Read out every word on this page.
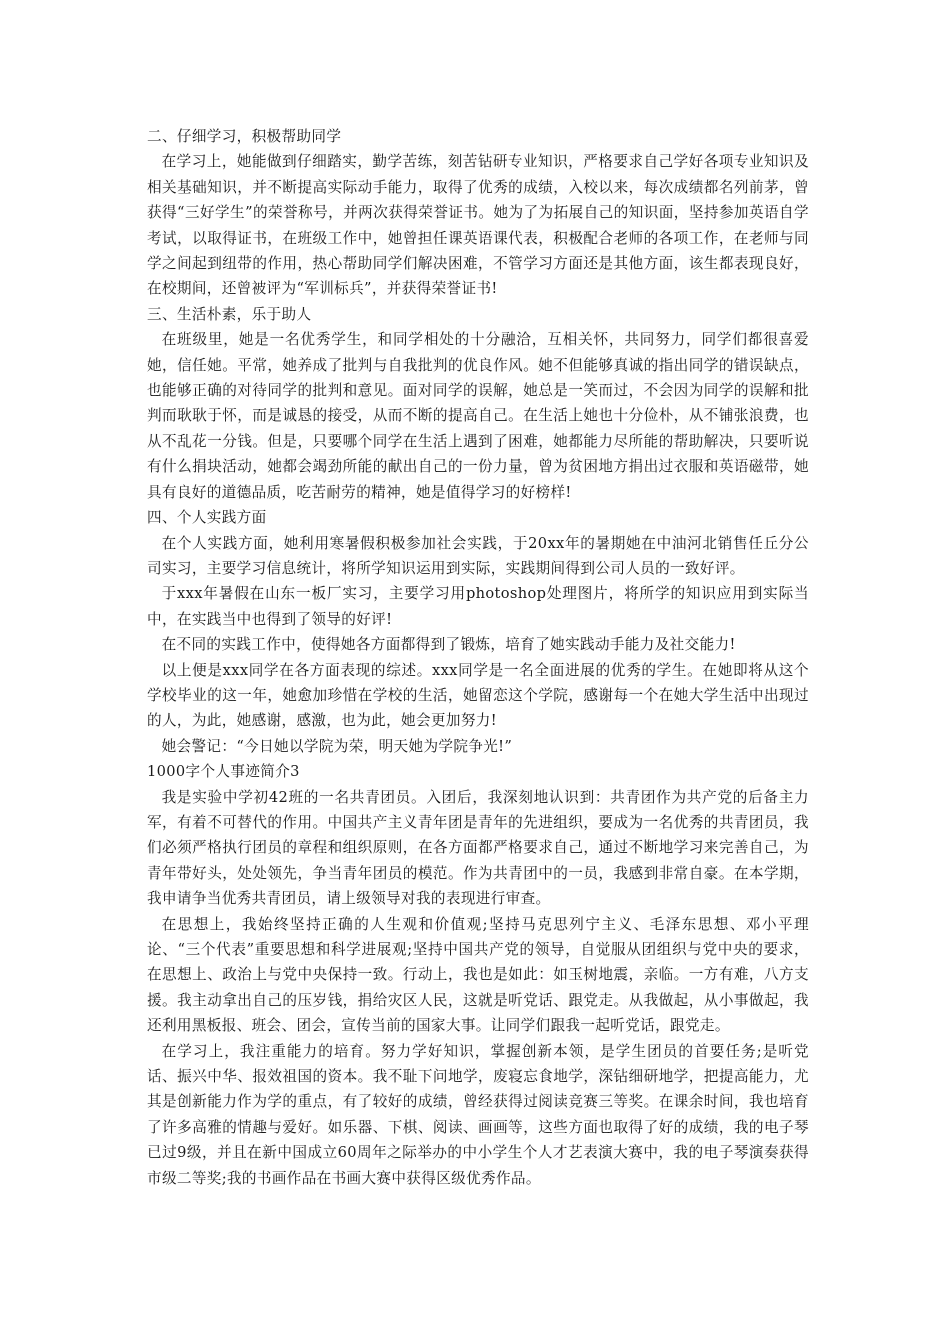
二、仔细学习，积极帮助同学

在学习上，她能做到仔细踏实，勤学苦练，刻苦钻研专业知识，严格要求自己学好各项专业知识及相关基础知识，并不断提高实际动手能力，取得了优秀的成绩，入校以来，每次成绩都名列前茅，曾获得“三好学生”的荣誉称号，并两次获得荣誉证书。她为了为拓展自己的知识面，坚持参加英语自学考试，以取得证书，在班级工作中，她曾担任课英语课代表，积极配合老师的各项工作，在老师与同学之间起到纽带的作用，热心帮助同学们解决困难，不管学习方面还是其他方面，该生都表现良好，在校期间，还曾被评为“军训标兵”，并获得荣誉证书!

三、生活朴素，乐于助人

在班级里，她是一名优秀学生，和同学相处的十分融洽，互相关怀，共同努力，同学们都很喜爱她，信任她。平常，她养成了批判与自我批判的优良作风。她不但能够真诚的指出同学的错误缺点，也能够正确的对待同学的批判和意见。面对同学的误解，她总是一笑而过，不会因为同学的误解和批判而耿耿于怀，而是诚恳的接受，从而不断的提高自己。在生活上她也十分俭朴，从不铺张浪费，也从不乱花一分钱。但是，只要哪个同学在生活上遇到了困难，她都能力尽所能的帮助解决，只要听说有什么捐块活动，她都会竭劲所能的献出自己的一份力量，曾为贫困地方捐出过衣服和英语磁带，她具有良好的道德品质，吃苦耐劳的精神，她是值得学习的好榜样!

四、个人实践方面

在个人实践方面，她利用寒暑假积极参加社会实践，于20xx年的暑期她在中油河北销售任丘分公司实习，主要学习信息统计，将所学知识运用到实际，实践期间得到公司人员的一致好评。

于xxx年暑假在山东一板厂实习，主要学习用photoshop处理图片，将所学的知识应用到实际当中，在实践当中也得到了领导的好评!

在不同的实践工作中，使得她各方面都得到了锻炼，培育了她实践动手能力及社交能力!

以上便是xxx同学在各方面表现的综述。xxx同学是一名全面进展的优秀的学生。在她即将从这个学校毕业的这一年，她愈加珍惜在学校的生活，她留恋这个学院，感谢每一个在她大学生活中出现过的人，为此，她感谢，感激，也为此，她会更加努力!

她会警记：“今日她以学院为荣，明天她为学院争光!”

1000字个人事迹简介3

我是实验中学初42班的一名共青团员。入团后，我深刻地认识到：共青团作为共产党的后备主力军，有着不可替代的作用。中国共产主义青年团是青年的先进组织，要成为一名优秀的共青团员，我们必须严格执行团员的章程和组织原则，在各方面都严格要求自己，通过不断地学习来完善自己，为青年带好头，处处领先，争当青年团员的模范。作为共青团中的一员，我感到非常自豪。在本学期，我申请争当优秀共青团员，请上级领导对我的表现进行审查。

在思想上，我始终坚持正确的人生观和价值观;坚持马克思列宁主义、毛泽东思想、邓小平理论、“三个代表”重要思想和科学进展观;坚持中国共产党的领导，自觉服从团组织与党中央的要求，在思想上、政治上与党中央保持一致。行动上，我也是如此：如玉树地震，亲临。一方有难，八方支援。我主动拿出自己的压岁钱，捐给灾区人民，这就是听党话、跟党走。从我做起，从小事做起，我还利用黑板报、班会、团会，宣传当前的国家大事。让同学们跟我一起听党话，跟党走。

在学习上，我注重能力的培育。努力学好知识，掌握创新本领，是学生团员的首要任务;是听党话、振兴中华、报效祖国的资本。我不耻下问地学，废寝忘食地学，深钻细研地学，把提高能力，尤其是创新能力作为学的重点，有了较好的成绩，曾经获得过阅读竞赛三等奖。在课余时间，我也培育了许多高雅的情趣与爱好。如乐器、下棋、阅读、画画等，这些方面也取得了好的成绩，我的电子琴已过9级，并且在新中国成立60周年之际举办的中小学生个人才艺表演大赛中，我的电子琴演奏获得市级二等奖;我的书画作品在书画大赛中获得区级优秀作品。
